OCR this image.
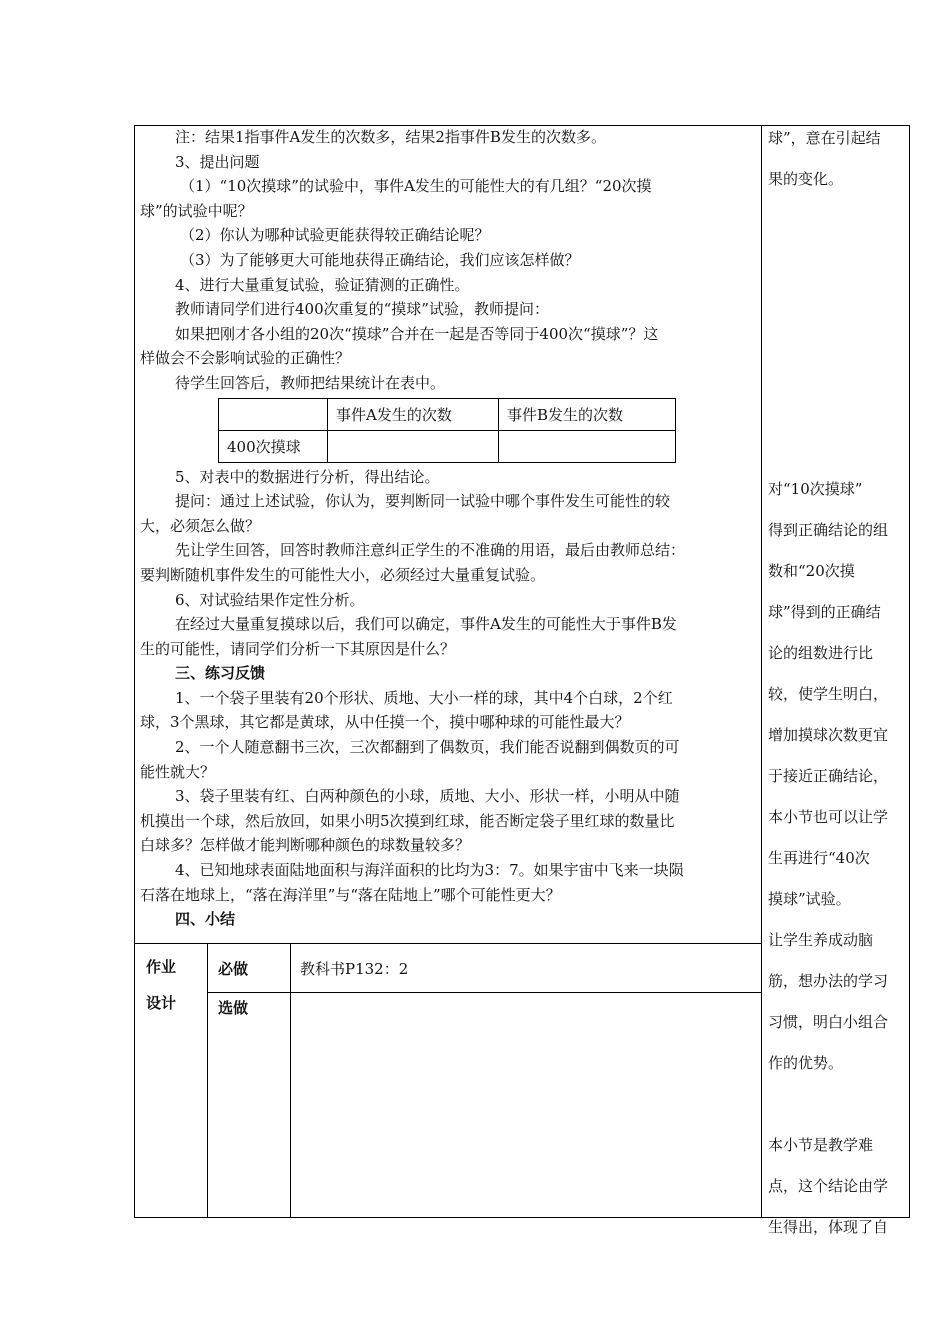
注：结果1指事件A发生的次数多，结果2指事件B发生的次数多。

3、提出问题

（1）“10次摸球”的试验中，事件A发生的可能性大的有几组？“20次摸

球”的试验中呢？

（2）你认为哪种试验更能获得较正确结论呢？

（3）为了能够更大可能地获得正确结论，我们应该怎样做？

4、进行大量重复试验，验证猜测的正确性。

教师请同学们进行400次重复的“摸球”试验，教师提问：

如果把刚才各小组的20次“摸球”合并在一起是否等同于400次“摸球”？这

样做会不会影响试验的正确性？

待学生回答后，教师把结果统计在表中。

	事件A发生的次数	事件B发生的次数
400次摸球		

5、对表中的数据进行分析，得出结论。

提问：通过上述试验，你认为，要判断同一试验中哪个事件发生可能性的较

大，必须怎么做？

先让学生回答，回答时教师注意纠正学生的不准确的用语，最后由教师总结：

要判断随机事件发生的可能性大小，必须经过大量重复试验。

6、对试验结果作定性分析。

在经过大量重复摸球以后，我们可以确定，事件A发生的可能性大于事件B发

生的可能性，请同学们分析一下其原因是什么？

三、练习反馈

1、一个袋子里装有20个形状、质地、大小一样的球，其中4个白球，2个红

球，3个黑球，其它都是黄球，从中任摸一个，摸中哪种球的可能性最大？

2、一个人随意翻书三次，三次都翻到了偶数页，我们能否说翻到偶数页的可

能性就大？

3、袋子里装有红、白两种颜色的小球，质地、大小、形状一样，小明从中随

机摸出一个球，然后放回，如果小明5次摸到红球，能否断定袋子里红球的数量比

白球多？怎样做才能判断哪种颜色的球数量较多？

4、已知地球表面陆地面积与海洋面积的比均为3：7。如果宇宙中飞来一块陨

石落在地球上，“落在海洋里”与“落在陆地上”哪个可能性更大？

四、小结

球”，意在引起结

果的变化。

对“10次摸球”

得到正确结论的组

数和“20次摸

球”得到的正确结

论的组数进行比

较，使学生明白，

增加摸球次数更宜

于接近正确结论，

本小节也可以让学

生再进行“40次

摸球”试验。

让学生养成动脑

筋，想办法的学习

习惯，明白小组合

作的优势。

本小节是教学难

点，这个结论由学

生得出，体现了自

作业
设计
必做	教科书P132：2
选做
